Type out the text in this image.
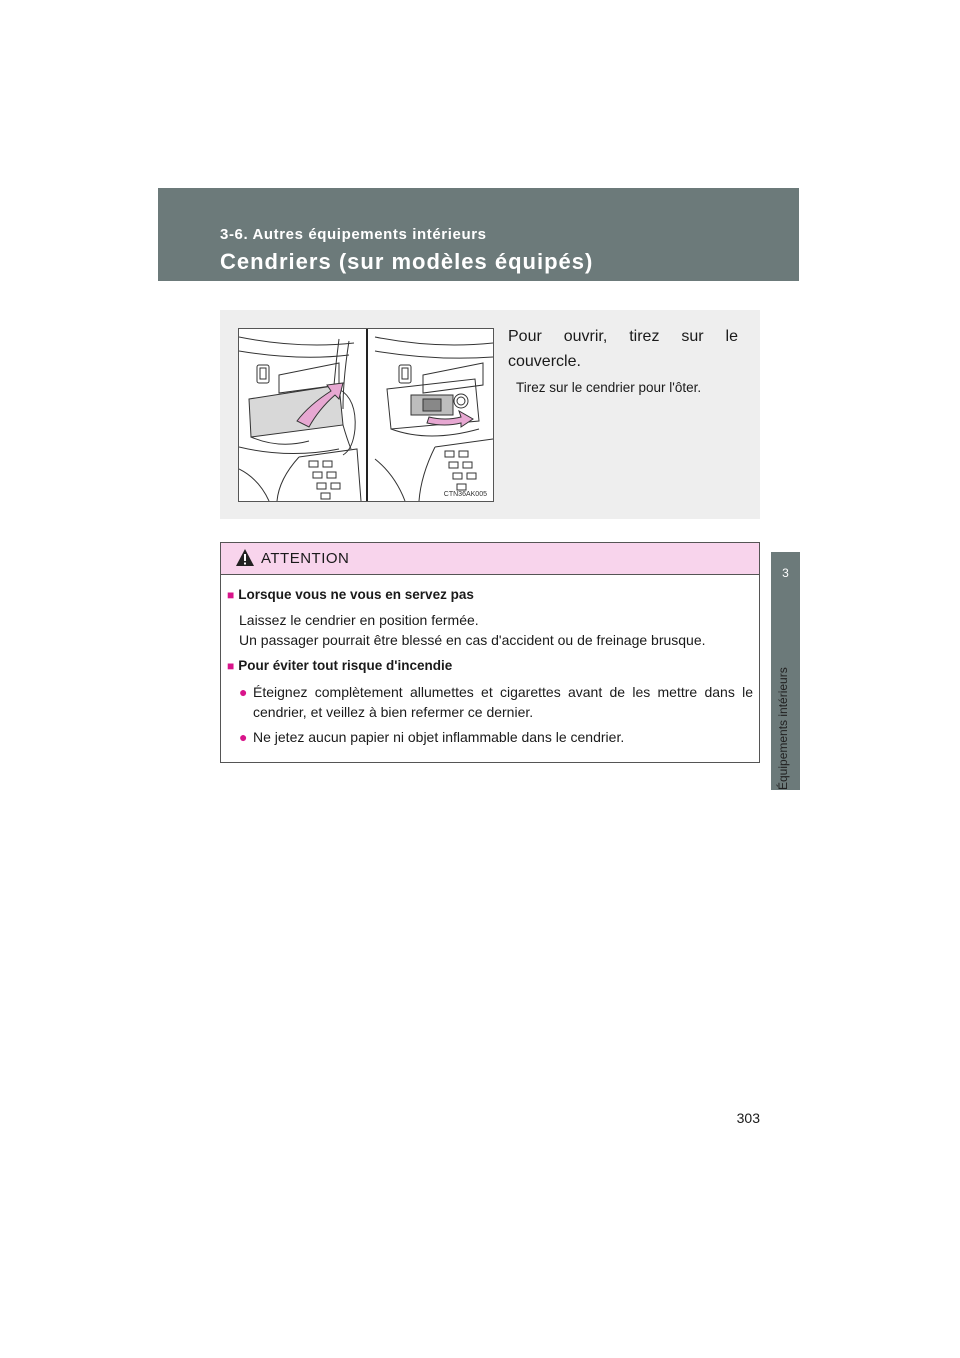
3-6. Autres équipements intérieurs
Cendriers (sur modèles équipés)
3
Équipements intérieurs
CTN36AK005
Pour ouvrir, tirez sur le couvercle.
Tirez sur le cendrier pour l'ôter.
ATTENTION
■ Lorsque vous ne vous en servez pas
Laissez le cendrier en position fermée.
Un passager pourrait être blessé en cas d'accident ou de freinage brusque.
■ Pour éviter tout risque d'incendie
● Éteignez complètement allumettes et cigarettes avant de les mettre dans le cendrier, et veillez à bien refermer ce dernier.
● Ne jetez aucun papier ni objet inflammable dans le cendrier.
303
